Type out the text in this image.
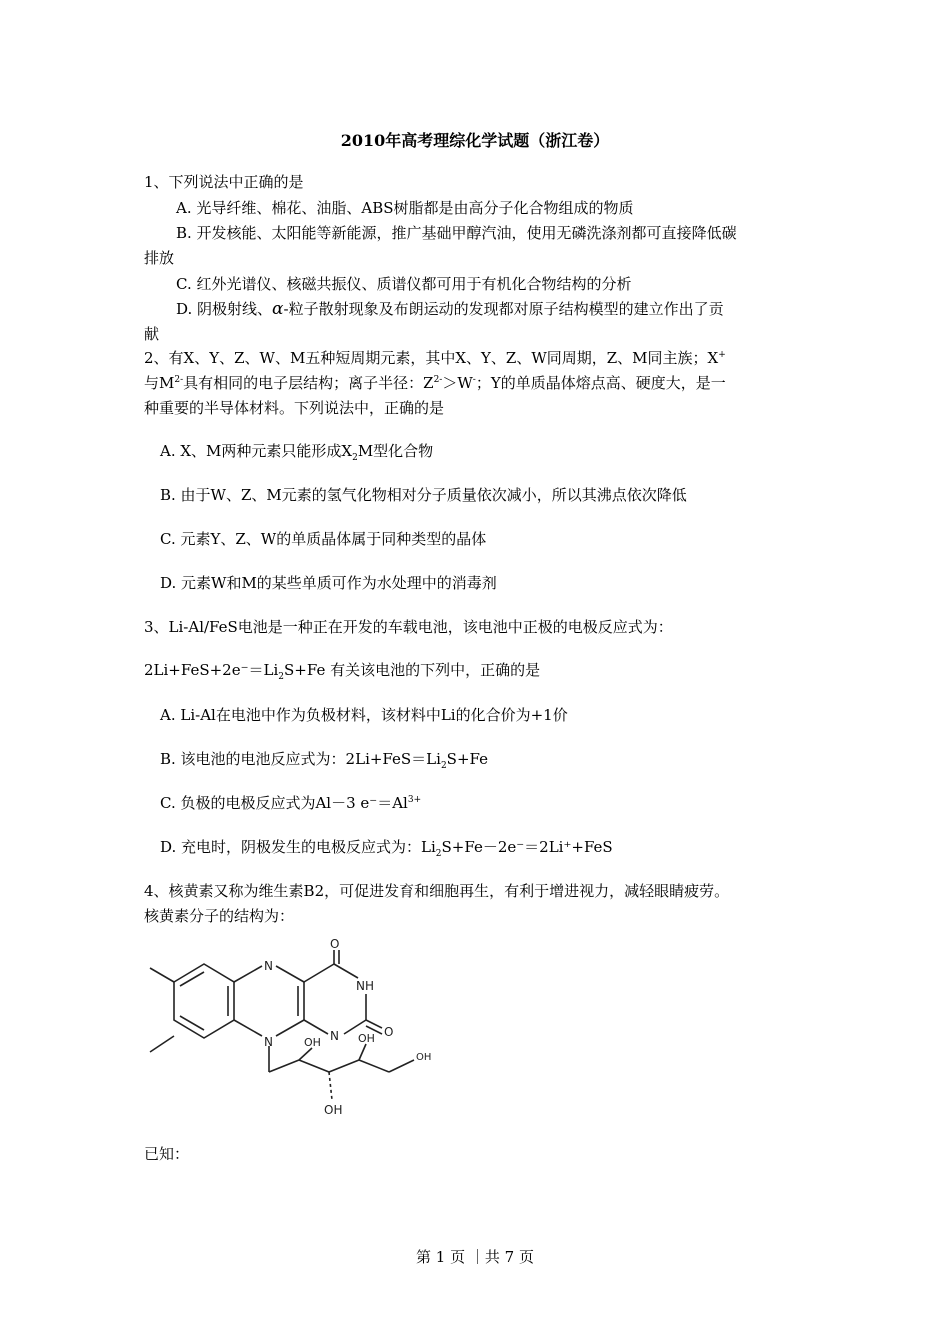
2010年高考理综化学试题（浙江卷）
1、下列说法中正确的是
A. 光导纤维、棉花、油脂、ABS树脂都是由高分子化合物组成的物质
B. 开发核能、太阳能等新能源，推广基础甲醇汽油，使用无磷洗涤剂都可直接降低碳
排放
C. 红外光谱仪、核磁共振仪、质谱仪都可用于有机化合物结构的分析
D. 阴极射线、α-粒子散射现象及布朗运动的发现都对原子结构模型的建立作出了贡
献
2、有X、Y、Z、W、M五种短周期元素，其中X、Y、Z、W同周期，Z、M同主族；X+
与$M^{2-}$具有相同的电子层结构；离子半径：$Z^{2-}>W^-$；Y的单质晶体熔点高、硬度大，是一
种重要的半导体材料。下列说法中，正确的是
A. X、M两种元素只能形成$X_2M$型化合物
B. 由于W、Z、M元素的氢气化物相对分子质量依次减小，所以其沸点依次降低
C. 元素Y、Z、W的单质晶体属于同种类型的晶体
D. 元素W和M的某些单质可作为水处理中的消毒剂
3、Li-Al/FeS电池是一种正在开发的车载电池，该电池中正极的电极反应式为：
$2Li+FeS+2e^-=Li_2S+Fe$ 有关该电池的下列中，正确的是
A. Li-Al在电池中作为负极材料，该材料中Li的化合价为+1价
B. 该电池的电池反应式为：$2Li+FeS=Li_2S+Fe$
C. 负极的电极反应式为Al－3 $e^-=Al^{3+}$
D. 充电时，阴极发生的电极反应式为：$Li_2S+Fe-2e^-=2Li^++FeS$
4、核黄素又称为维生素B2，可促进发育和细胞再生，有利于增进视力，减轻眼睛疲劳。
核黄素分子的结构为：
O
NH
O
N
N	N
OH	OH
OH
OH
已知：
第 1 页 ｜共 7 页
